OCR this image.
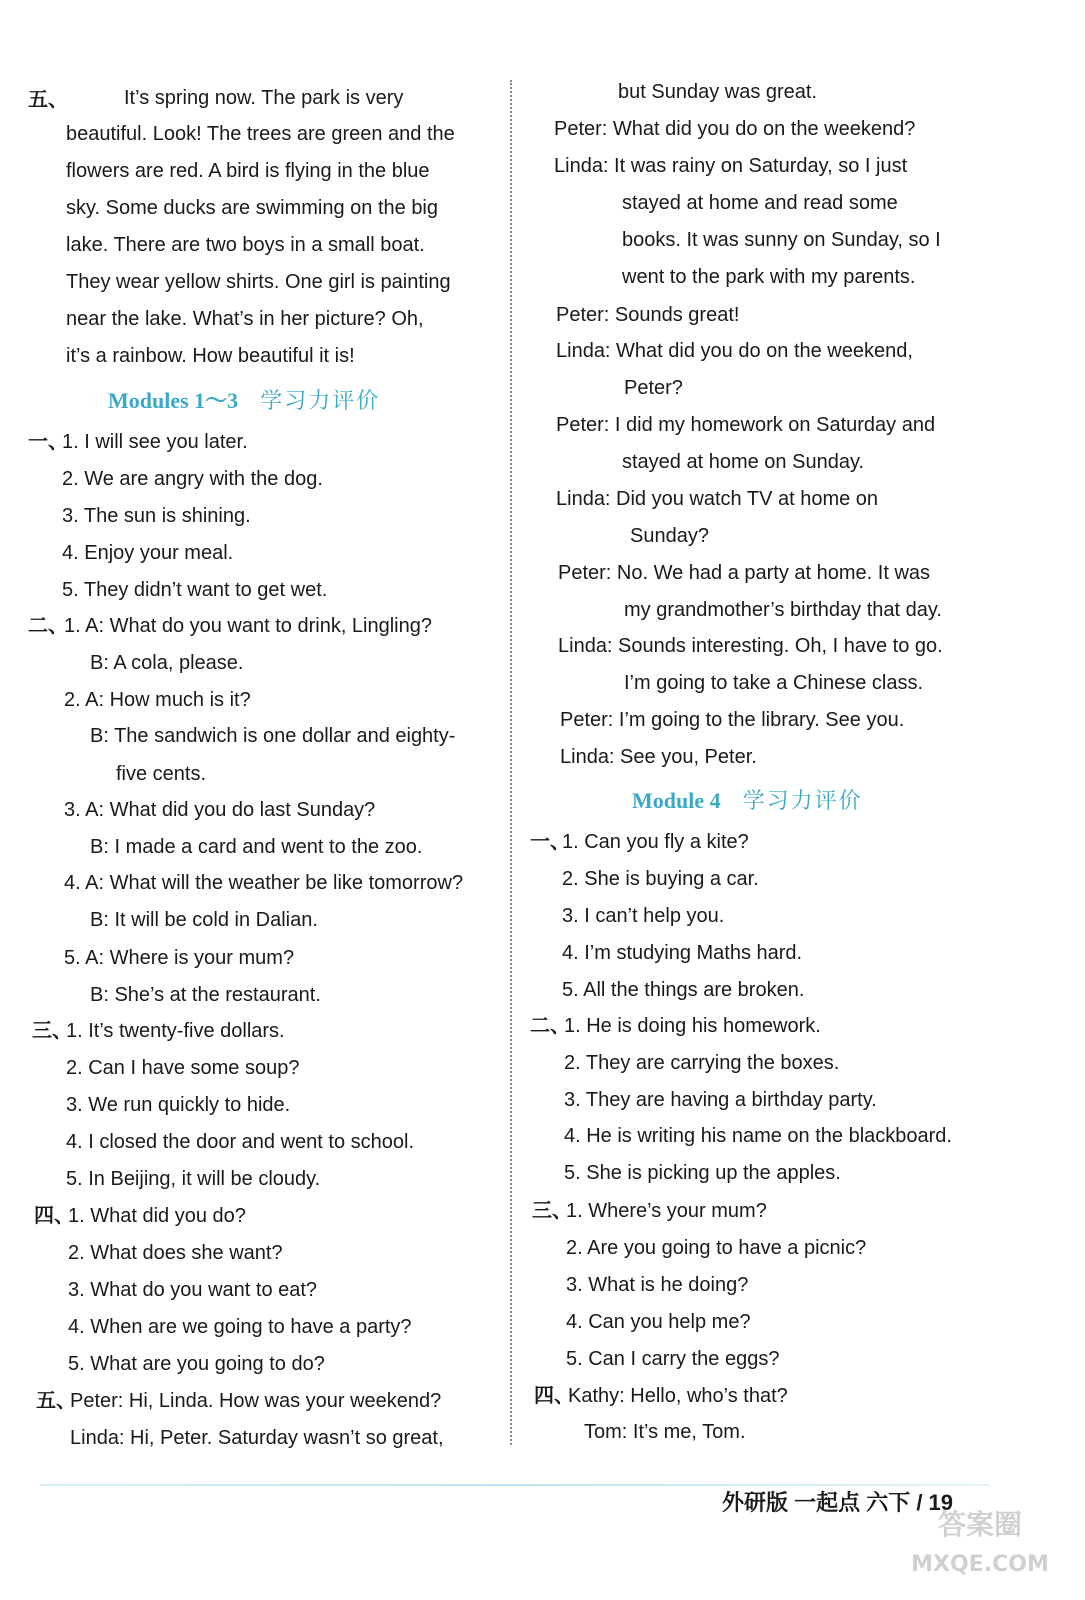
五、	It’s spring now. The park is very
beautiful. Look! The trees are green and the
flowers are red. A bird is flying in the blue
sky. Some ducks are swimming on the big
lake. There are two boys in a small boat.
They wear yellow shirts. One girl is painting
near the lake. What’s in her picture? Oh,
it’s a rainbow. How beautiful it is!
Modules 1～3 学习力评价
一、
1. I will see you later.
2. We are angry with the dog.
3. The sun is shining.
4. Enjoy your meal.
5. They didn’t want to get wet.
二、
1. A: What do you want to drink, Lingling?
B: A cola, please.
2. A: How much is it?
B: The sandwich is one dollar and eighty-
five cents.
3. A: What did you do last Sunday?
B: I made a card and went to the zoo.
4. A: What will the weather be like tomorrow?
B: It will be cold in Dalian.
5. A: Where is your mum?
B: She’s at the restaurant.
三、
1. It’s twenty-five dollars.
2. Can I have some soup?
3. We run quickly to hide.
4. I closed the door and went to school.
5. In Beijing, it will be cloudy.
四、
1. What did you do?
2. What does she want?
3. What do you want to eat?
4. When are we going to have a party?
5. What are you going to do?
五、
Peter: Hi, Linda. How was your weekend?
Linda: Hi, Peter. Saturday wasn’t so great,
but Sunday was great.
Peter: What did you do on the weekend?
Linda: It was rainy on Saturday, so I just
stayed at home and read some
books. It was sunny on Sunday, so I
went to the park with my parents.
Peter: Sounds great!
Linda: What did you do on the weekend,
Peter?
Peter: I did my homework on Saturday and
stayed at home on Sunday.
Linda: Did you watch TV at home on
Sunday?
Peter: No. We had a party at home. It was
my grandmother’s birthday that day.
Linda: Sounds interesting. Oh, I have to go.
I’m going to take a Chinese class.
Peter: I’m going to the library. See you.
Linda: See you, Peter.
Module 4 学习力评价
一、
1. Can you fly a kite?
2. She is buying a car.
3. I can’t help you.
4. I’m studying Maths hard.
5. All the things are broken.
二、
1. He is doing his homework.
2. They are carrying the boxes.
3. They are having a birthday party.
4. He is writing his name on the blackboard.
5. She is picking up the apples.
三、
1. Where’s your mum?
2. Are you going to have a picnic?
3. What is he doing?
4. Can you help me?
5. Can I carry the eggs?
四、
Kathy: Hello, who’s that?
Tom: It’s me, Tom.
外研版 一起点 六下 / 19
答案圈
MXQE.COM
